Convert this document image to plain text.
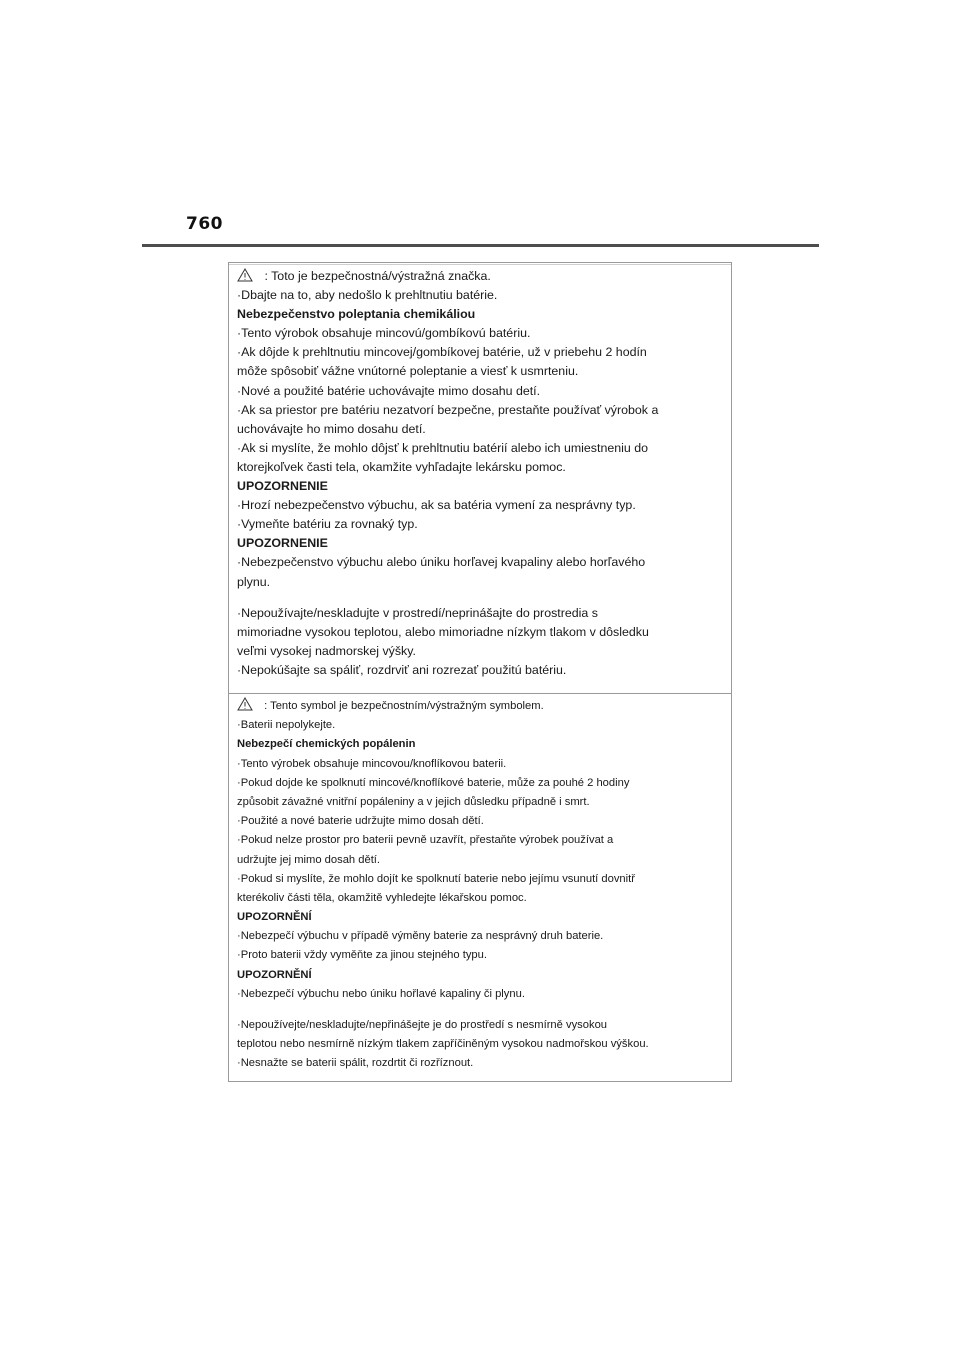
760
: Toto je bezpečnostná/výstražná značka.
·Dbajte na to, aby nedošlo k prehltnutiu batérie.
Nebezpečenstvo poleptania chemikáliou
·Tento výrobok obsahuje mincovú/gombíkovú batériu.
·Ak dôjde k prehltnutiu mincovej/gombíkovej batérie, už v priebehu 2 hodín
môže spôsobiť vážne vnútorné poleptanie a viesť k usmrteniu.
·Nové a použité batérie uchovávajte mimo dosahu detí.
·Ak sa priestor pre batériu nezatvorí bezpečne, prestaňte používať výrobok a
uchovávajte ho mimo dosahu detí.
·Ak si myslíte, že mohlo dôjsť k prehltnutiu batérií alebo ich umiestneniu do
ktorejkoľvek časti tela, okamžite vyhľadajte lekársku pomoc.
UPOZORNENIE
·Hrozí nebezpečenstvo výbuchu, ak sa batéria vymení za nesprávny typ.
·Vymeňte batériu za rovnaký typ.
UPOZORNENIE
·Nebezpečenstvo výbuchu alebo úniku horľavej kvapaliny alebo horľavého
plynu.
·Nepoužívajte/neskladujte v prostredí/neprinášajte do prostredia s
mimoriadne vysokou teplotou, alebo mimoriadne nízkym tlakom v dôsledku
veľmi vysokej nadmorskej výšky.
·Nepokúšajte sa spáliť, rozdrviť ani rozrezať použitú batériu.
: Tento symbol je bezpečnostním/výstražným symbolem.
·Baterii nepolykejte.
Nebezpečí chemických popálenin
·Tento výrobek obsahuje mincovou/knoflíkovou baterii.
·Pokud dojde ke spolknutí mincové/knoflíkové baterie, může za pouhé 2 hodiny
způsobit závažné vnitřní popáleniny a v jejich důsledku případně i smrt.
·Použité a nové baterie udržujte mimo dosah dětí.
·Pokud nelze prostor pro baterii pevně uzavřít, přestaňte výrobek používat a
udržujte jej mimo dosah dětí.
·Pokud si myslíte, že mohlo dojít ke spolknutí baterie nebo jejímu vsunutí dovnitř
kterékoliv části těla, okamžitě vyhledejte lékařskou pomoc.
UPOZORNĚNÍ
·Nebezpečí výbuchu v případě výměny baterie za nesprávný druh baterie.
·Proto baterii vždy vyměňte za jinou stejného typu.
UPOZORNĚNÍ
·Nebezpečí výbuchu nebo úniku hořlavé kapaliny či plynu.
·Nepoužívejte/neskladujte/nepřinášejte je do prostředí s nesmírně vysokou
teplotou nebo nesmírně nízkým tlakem zapříčiněným vysokou nadmořskou výškou.
·Nesnažte se baterii spálit, rozdrtit či rozříznout.
